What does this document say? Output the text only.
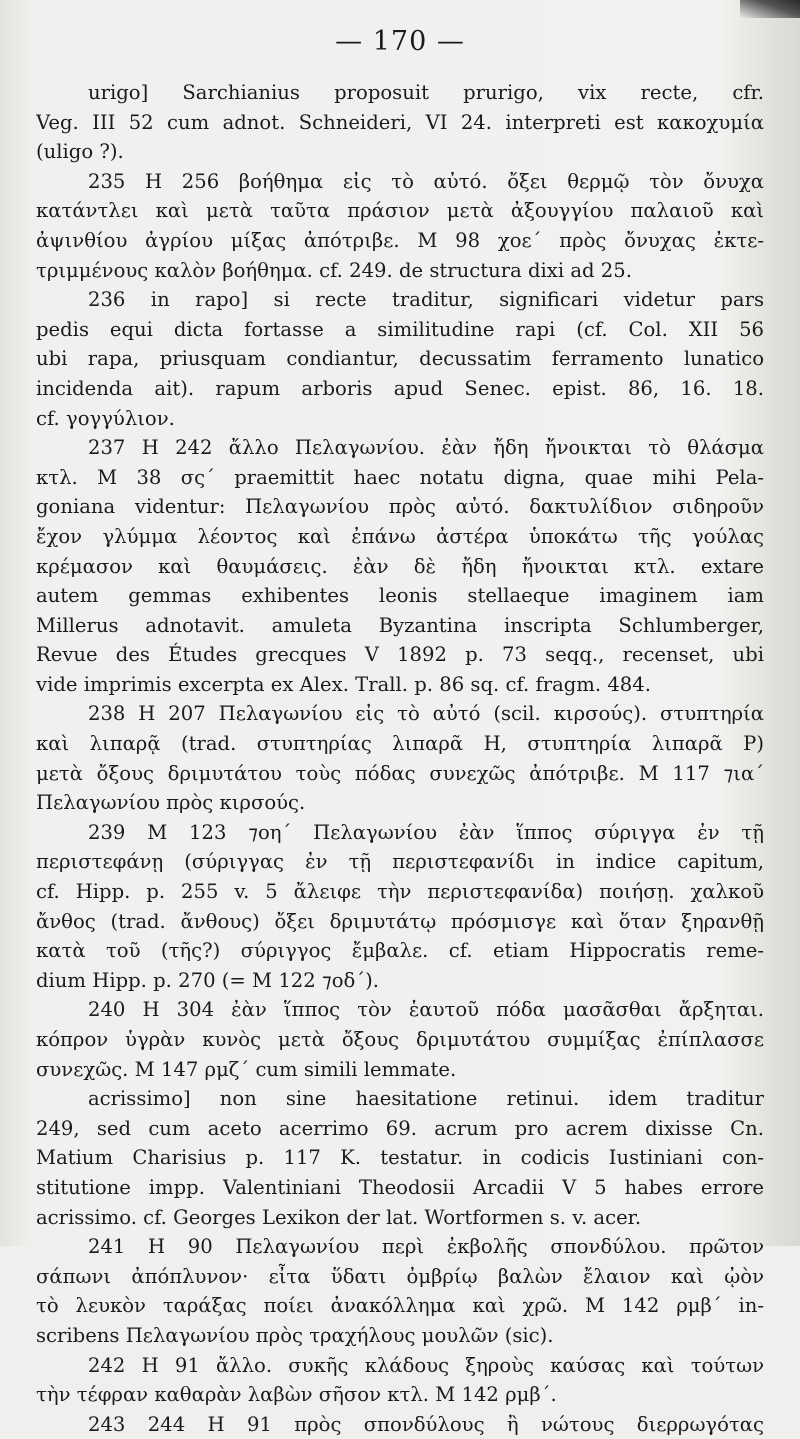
— 170 —
urigo] Sarchianius proposuit prurigo, vix recte, cfr.
Veg. III 52 cum adnot. Schneideri, VI 24. interpreti est κακοχυμία
(uligo ?).
235 Η 256 βοήθημα εἰς τὸ αὐτό. ὄξει θερμῷ τὸν ὄνυχα
κατάντλει καὶ μετὰ ταῦτα πράσιον μετὰ ἀξουγγίου παλαιοῦ καὶ
ἀψινθίου ἀγρίου μίξας ἀπότριβε. Μ 98 χοε´ πρὸς ὄνυχας ἐκτε-
τριμμένους καλὸν βοήθημα. cf. 249. de structura dixi ad 25.
236 in rapo] si recte traditur, significari videtur pars
pedis equi dicta fortasse a similitudine rapi (cf. Col. XII 56
ubi rapa, priusquam condiantur, decussatim ferramento lunatico
incidenda ait). rapum arboris apud Senec. epist. 86, 16. 18.
cf. γογγύλιον.
237 Η 242 ἄλλο Πελαγωνίου. ἐὰν ἤδη ἤνοικται τὸ θλάσμα
κτλ. Μ 38 σς´ praemittit haec notatu digna, quae mihi Pela-
goniana videntur: Πελαγωνίου πρὸς αὐτό. δακτυλίδιον σιδηροῦν
ἔχον γλύμμα λέοντος καὶ ἐπάνω ἀστέρα ὑποκάτω τῆς γούλας
κρέμασον καὶ θαυμάσεις. ἐὰν δὲ ἤδη ἤνοικται κτλ. extare
autem gemmas exhibentes leonis stellaeque imaginem iam
Millerus adnotavit. amuleta Byzantina inscripta Schlumberger,
Revue des Études grecques V 1892 p. 73 seqq., recenset, ubi
vide imprimis excerpta ex Alex. Trall. p. 86 sq. cf. fragm. 484.
238 Η 207 Πελαγωνίου εἰς τὸ αὐτό (scil. κιρσούς). στυπτηρία
καὶ λιπαρᾷ (trad. στυπτηρίας λιπαρᾶ Η, στυπτηρία λιπαρᾶ Ρ)
μετὰ ὄξους δριμυτάτου τοὺς πόδας συνεχῶς ἀπότριβε. Μ 117 ⁊ια´
Πελαγωνίου πρὸς κιρσούς.
239 Μ 123 ⁊οη´ Πελαγωνίου ἐὰν ἵππος σύριγγα ἐν τῇ
περιστεφάνῃ (σύριγγας ἐν τῇ περιστεφανίδι in indice capitum,
cf. Hipp. p. 255 v. 5 ἄλειφε τὴν περιστεφανίδα) ποιήσῃ. χαλκοῦ
ἄνθος (trad. ἄνθους) ὄξει δριμυτάτῳ πρόσμισγε καὶ ὅταν ξηρανθῇ
κατὰ τοῦ (τῆς?) σύριγγος ἔμβαλε. cf. etiam Hippocratis reme-
dium Hipp. p. 270 (= Μ 122 ⁊οδ´).
240 Η 304 ἐὰν ἵππος τὸν ἑαυτοῦ πόδα μασᾶσθαι ἄρξηται.
κόπρον ὑγρὰν κυνὸς μετὰ ὄξους δριμυτάτου συμμίξας ἐπίπλασσε
συνεχῶς. Μ 147 ρμζ´ cum simili lemmate.
acrissimo] non sine haesitatione retinui. idem traditur
249, sed cum aceto acerrimo 69. acrum pro acrem dixisse Cn.
Matium Charisius p. 117 K. testatur. in codicis Iustiniani con-
stitutione impp. Valentiniani Theodosii Arcadii V 5 habes errore
acrissimo. cf. Georges Lexikon der lat. Wortformen s. v. acer.
241 Η 90 Πελαγωνίου περὶ ἐκβολῆς σπονδύλου. πρῶτον
σάπωνι ἀπόπλυνον· εἶτα ὕδατι ὀμβρίῳ βαλὼν ἔλαιον καὶ ᾠὸν
τὸ λευκὸν ταράξας ποίει ἀνακόλλημα καὶ χρῶ. Μ 142 ρμβ´ in-
scribens Πελαγωνίου πρὸς τραχήλους μουλῶν (sic).
242 Η 91 ἄλλο. συκῆς κλάδους ξηροὺς καύσας καὶ τούτων
τὴν τέφραν καθαρὰν λαβὼν σῆσον κτλ. Μ 142 ρμβ´.
243 244 Η 91 πρὸς σπονδύλους ἢ νώτους διερρωγότας
